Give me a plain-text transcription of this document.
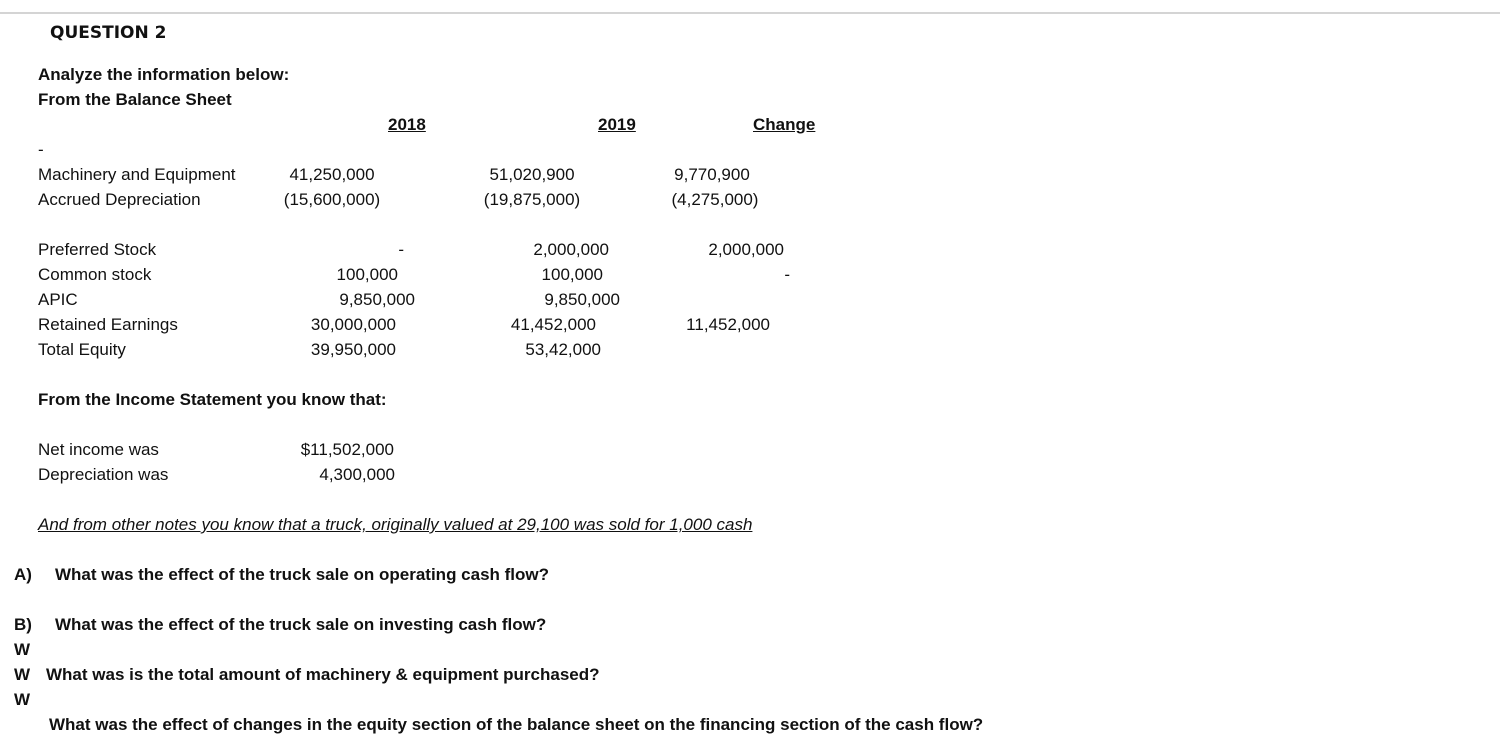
QUESTION 2
Analyze the information below:
From the Balance Sheet
2018	2019	Change
-
Machinery and Equipment	41,250,000	51,020,900	9,770,900
Accrued Depreciation	(15,600,000)	(19,875,000)	(4,275,000)
Preferred Stock	-	2,000,000	2,000,000
Common stock	100,000	100,000	-
APIC	9,850,000	9,850,000
Retained Earnings	30,000,000	41,452,000	11,452,000
Total Equity	39,950,000	53,42,000
From the Income Statement you know that:
Net income was	$11,502,000
Depreciation was	4,300,000
And from other notes you know that a truck, originally valued at 29,100 was sold for 1,000 cash
A) What was the effect of the truck sale on operating cash flow?
B) What was the effect of the truck sale on investing cash flow?
W
W What was is the total amount of machinery & equipment purchased?
W
What was the effect of changes in the equity section of the balance sheet on the financing section of the cash flow?
